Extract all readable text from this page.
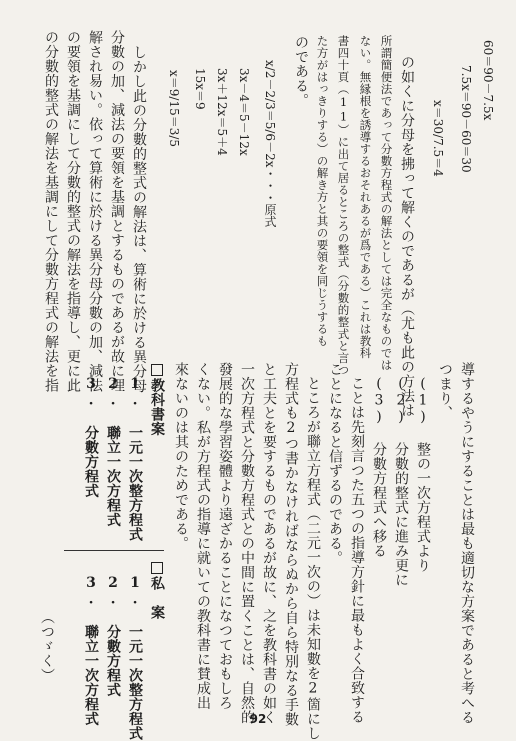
60＝90－7.5x
7.5x＝90－60＝30
x＝30/7.5＝4
の如くに分母を拂って解くのであるが（尤も此の方法は
所謂簡便法であって分數方程式の解法としては完全なものでは
ない。無縁根を誘導するおそれあるが爲である）これは教科
書四十頁（11）に出て居るところの整式（分數的整式と言つ
た方がはっきりする）の解き方と其の要領を同じうするも
のである。
x/2－2/3＝5/6－2x・・・原式
3x－4＝5－12x
3x＋12x＝5＋4
15x＝9
x＝9/15＝3/5
しかし此の分數的整式の解法は、算術に於ける異分母
分數の加、減法の要領を基調とするものであるが故に理
解され易い。依って算術に於ける異分母分數の加、減法
の要領を基調にして分數的整式の解法を指導し、更に此
の分數的整式の解法を基調にして分數方程式の解法を指
導するやうにすることは最も適切な方案であると考へる
つまり、
(1) 整の一次方程式より
(2) 分數的整式に進み更に
(3) 分數方程式へ移る
ことは先刻言つた五つの指導方針に最もよく合致する
ことになると信ずるのである。
ところが聯立方程式（二元一次の）は未知數を2箇にし
方程式も2つ書かなければならぬから自ら特別なる手數
と工夫とを要するものであるが故に、之を教科書の如く
一次方程式と分數方程式との中間に置くことは、自然的
發展的な學習姿體より遠ざかることになつておもしろ
くない。私が方程式の指導に就いての教科書に賛成出
來ないのは其のためである。
教科書案
1. 一元一次整方程式
2. 聯立一次方程式
3. 分數方程式
私　案
1. 一元一次整方程式
2. 分數方程式
3. 聯立一次方程式
（つゞく）
92
